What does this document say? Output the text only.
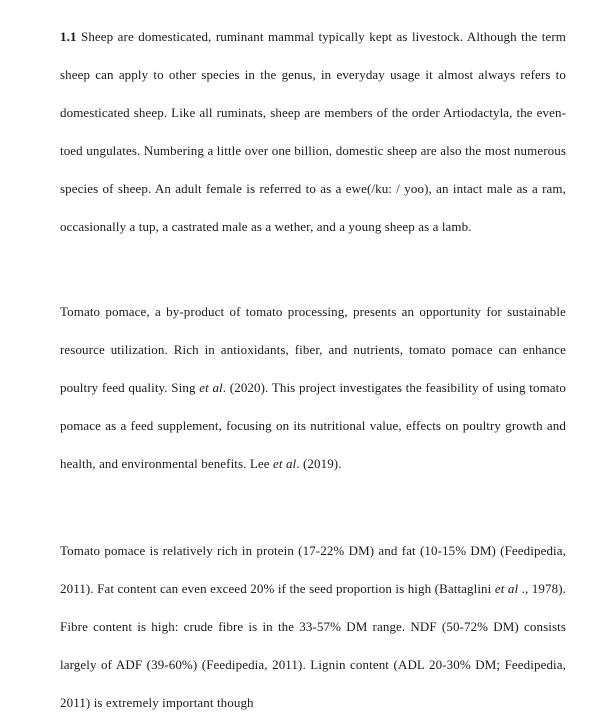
1.1 Sheep are domesticated, ruminant mammal typically kept as livestock. Although the term sheep can apply to other species in the genus, in everyday usage it almost always refers to domesticated sheep. Like all ruminats, sheep are members of the order Artiodactyla, the even-toed ungulates. Numbering a little over one billion, domestic sheep are also the most numerous species of sheep. An adult female is referred to as a ewe(/ku: / yoo), an intact male as a ram, occasionally a tup, a castrated male as a wether, and a young sheep as a lamb.

Tomato pomace, a by-product of tomato processing, presents an opportunity for sustainable resource utilization. Rich in antioxidants, fiber, and nutrients, tomato pomace can enhance poultry feed quality. Sing et al. (2020). This project investigates the feasibility of using tomato pomace as a feed supplement, focusing on its nutritional value, effects on poultry growth and health, and environmental benefits. Lee et al. (2019).

Tomato pomace is relatively rich in protein (17-22% DM) and fat (10-15% DM) (Feedipedia, 2011). Fat content can even exceed 20% if the seed proportion is high (Battaglini et al ., 1978). Fibre content is high: crude fibre is in the 33-57% DM range. NDF (50-72% DM) consists largely of ADF (39-60%) (Feedipedia, 2011). Lignin content (ADL 20-30% DM; Feedipedia, 2011) is extremely important though
